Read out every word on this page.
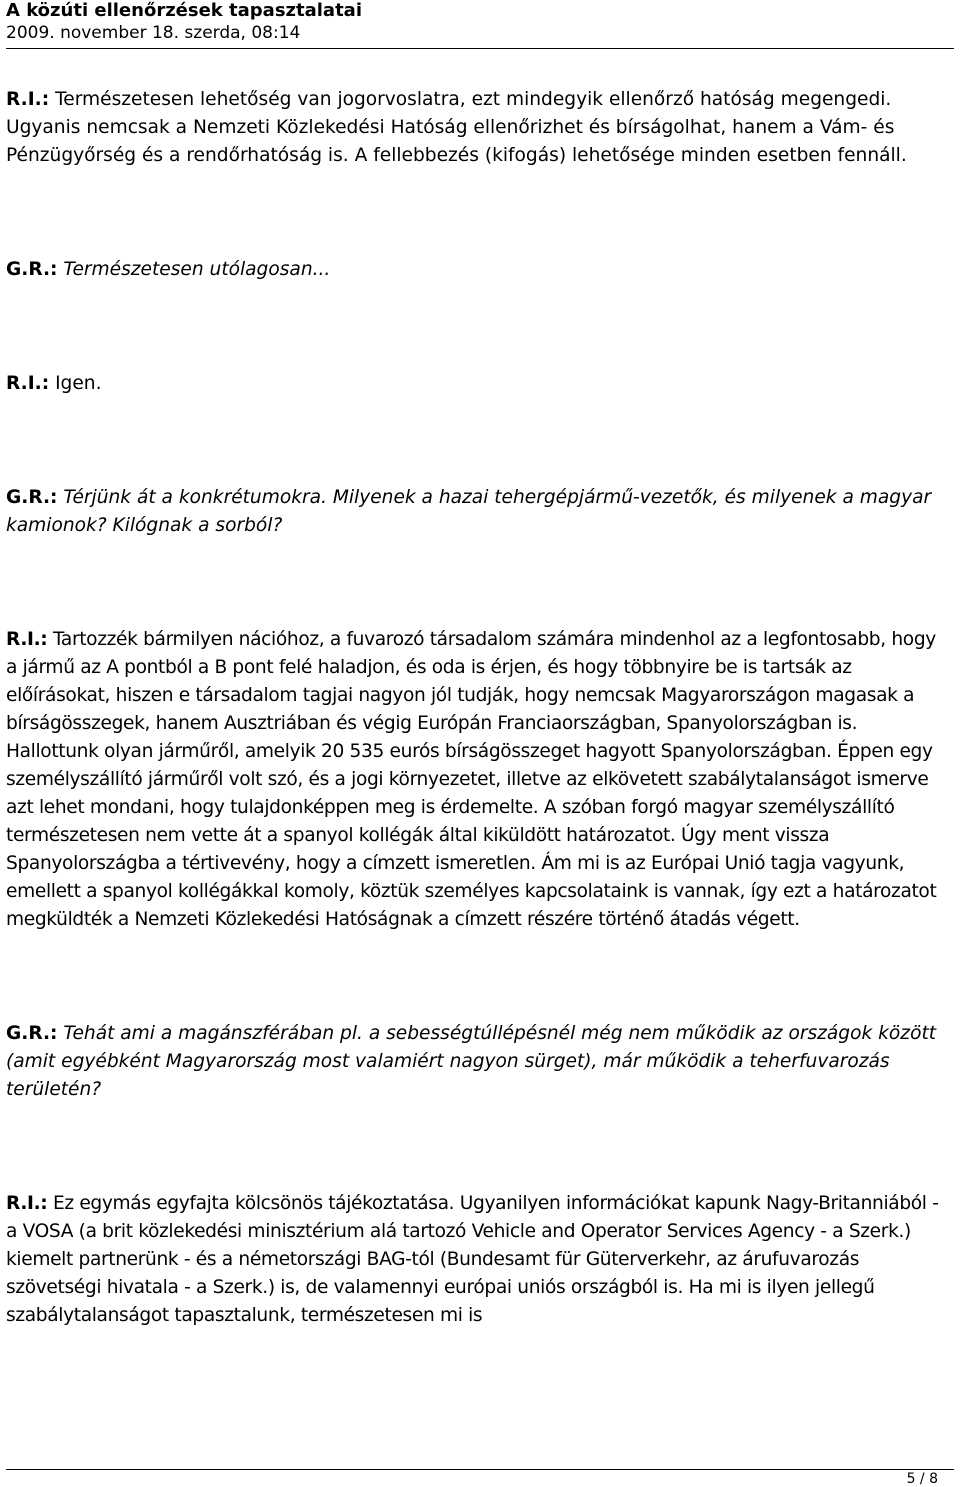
A közúti ellenőrzések tapasztalatai

2009. november 18. szerda, 08:14

R.I.: Természetesen lehetőség van jogorvoslatra, ezt mindegyik ellenőrző hatóság megengedi. Ugyanis nemcsak a Nemzeti Közlekedési Hatóság ellenőrizhet és bírságolhat, hanem a Vám- és Pénzügyőrség és a rendőrhatóság is. A fellebbezés (kifogás) lehetősége minden esetben fennáll.

G.R.: Természetesen utólagosan...

R.I.: Igen.

G.R.: Térjünk át a konkrétumokra. Milyenek a hazai tehergépjármű-vezetők, és milyenek a magyar kamionok? Kilógnak a sorból?

R.I.: Tartozzék bármilyen nációhoz, a fuvarozó társadalom számára mindenhol az a legfontosabb, hogy a jármű az A pontból a B pont felé haladjon, és oda is érjen, és hogy többnyire be is tartsák az előírásokat, hiszen e társadalom tagjai nagyon jól tudják, hogy nemcsak Magyarországon magasak a bírságösszegek, hanem Ausztriában és végig Európán Franciaországban, Spanyolországban is. Hallottunk olyan járműről, amelyik 20 535 eurós bírságösszeget hagyott Spanyolországban. Éppen egy személyszállító járműről volt szó, és a jogi környezetet, illetve az elkövetett szabálytalanságot ismerve azt lehet mondani, hogy tulajdonképpen meg is érdemelte. A szóban forgó magyar személyszállító természetesen nem vette át a spanyol kollégák által kiküldött határozatot. Úgy ment vissza Spanyolországba a tértivevény, hogy a címzett ismeretlen. Ám mi is az Európai Unió tagja vagyunk, emellett a spanyol kollégákkal komoly, köztük személyes kapcsolataink is vannak, így ezt a határozatot megküldték a Nemzeti Közlekedési Hatóságnak a címzett részére történő átadás végett.

G.R.: Tehát ami a magánszférában pl. a sebességtúllépésnél még nem működik az országok között (amit egyébként Magyarország most valamiért nagyon sürget), már működik a teherfuvarozás területén?

R.I.: Ez egymás egyfajta kölcsönös tájékoztatása. Ugyanilyen információkat kapunk Nagy-Britanniából - a VOSA (a brit közlekedési minisztérium alá tartozó Vehicle and Operator Services Agency - a Szerk.) kiemelt partnerünk - és a németországi BAG-tól (Bundesamt für Güterverkehr, az árufuvarozás szövetségi hivatala - a Szerk.) is, de valamennyi európai uniós országból is. Ha mi is ilyen jellegű szabálytalanságot tapasztalunk, természetesen mi is

5 / 8
